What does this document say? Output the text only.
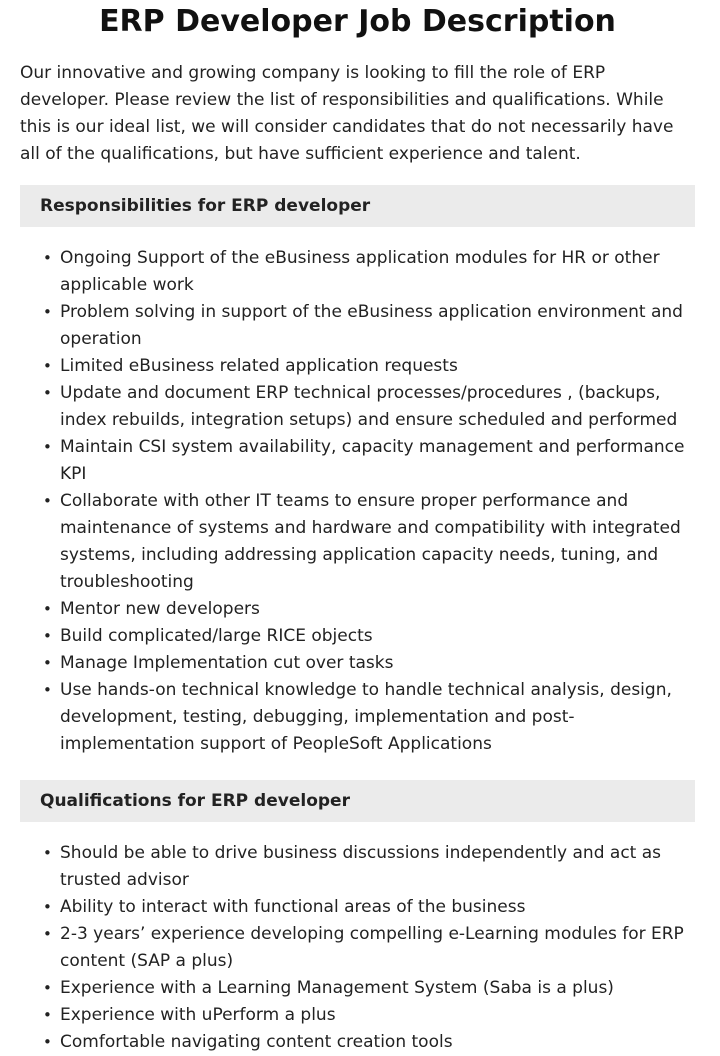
ERP Developer Job Description

Our innovative and growing company is looking to fill the role of ERP developer. Please review the list of responsibilities and qualifications. While this is our ideal list, we will consider candidates that do not necessarily have all of the qualifications, but have sufficient experience and talent.

Responsibilities for ERP developer
• Ongoing Support of the eBusiness application modules for HR or other applicable work
• Problem solving in support of the eBusiness application environment and operation
• Limited eBusiness related application requests
• Update and document ERP technical processes/procedures , (backups, index rebuilds, integration setups) and ensure scheduled and performed
• Maintain CSI system availability, capacity management and performance KPI
• Collaborate with other IT teams to ensure proper performance and maintenance of systems and hardware and compatibility with integrated systems, including addressing application capacity needs, tuning, and troubleshooting
• Mentor new developers
• Build complicated/large RICE objects
• Manage Implementation cut over tasks
• Use hands-on technical knowledge to handle technical analysis, design, development, testing, debugging, implementation and post-implementation support of PeopleSoft Applications
Qualifications for ERP developer
• Should be able to drive business discussions independently and act as trusted advisor
• Ability to interact with functional areas of the business
• 2-3 years’ experience developing compelling e-Learning modules for ERP content (SAP a plus)
• Experience with a Learning Management System (Saba is a plus)
• Experience with uPerform a plus
• Comfortable navigating content creation tools
